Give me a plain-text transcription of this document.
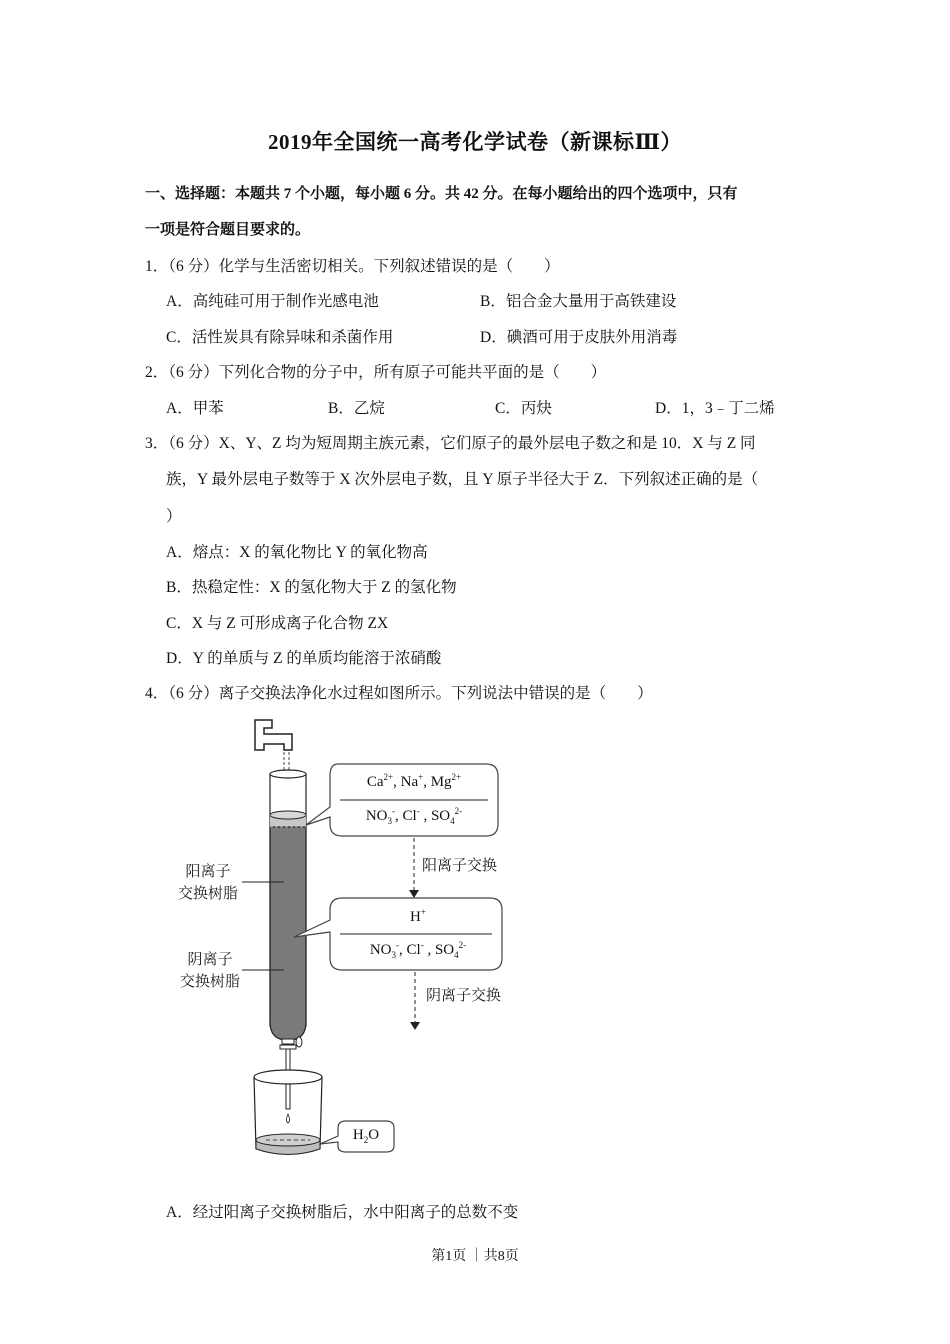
2019年全国统一高考化学试卷（新课标Ⅲ）
一、选择题：本题共 7 个小题，每小题 6 分。共 42 分。在每小题给出的四个选项中，只有
一项是符合题目要求的。
1．（6 分）化学与生活密切相关。下列叙述错误的是（　　）
A．高纯硅可用于制作光感电池	B．铝合金大量用于高铁建设
C．活性炭具有除异味和杀菌作用	D．碘酒可用于皮肤外用消毒
2．（6 分）下列化合物的分子中，所有原子可能共平面的是（　　）
A．甲苯	B．乙烷	C．丙炔	D．1，3﹣丁二烯
3．（6 分）X、Y、Z 均为短周期主族元素，它们原子的最外层电子数之和是 10．X 与 Z 同
族，Y 最外层电子数等于 X 次外层电子数，且 Y 原子半径大于 Z．下列叙述正确的是（
）
A．熔点：X 的氧化物比 Y 的氧化物高
B．热稳定性：X 的氢化物大于 Z 的氢化物
C．X 与 Z 可形成离子化合物 ZX
D．Y 的单质与 Z 的单质均能溶于浓硝酸
4．（6 分）离子交换法净化水过程如图所示。下列说法中错误的是（　　）
阳离子
交换树脂
阴离子
交换树脂
阳离子交换
阴离子交换
$Ca^{2+}$, Na+, $Mg^{2+}$
$NO_3^-$, Cl- , $SO_4^{2-}$
H+
$NO_3^-$, Cl- , $SO_4^{2-}$
$H_2O$
A．经过阳离子交换树脂后，水中阳离子的总数不变
第1页 ｜共8页
